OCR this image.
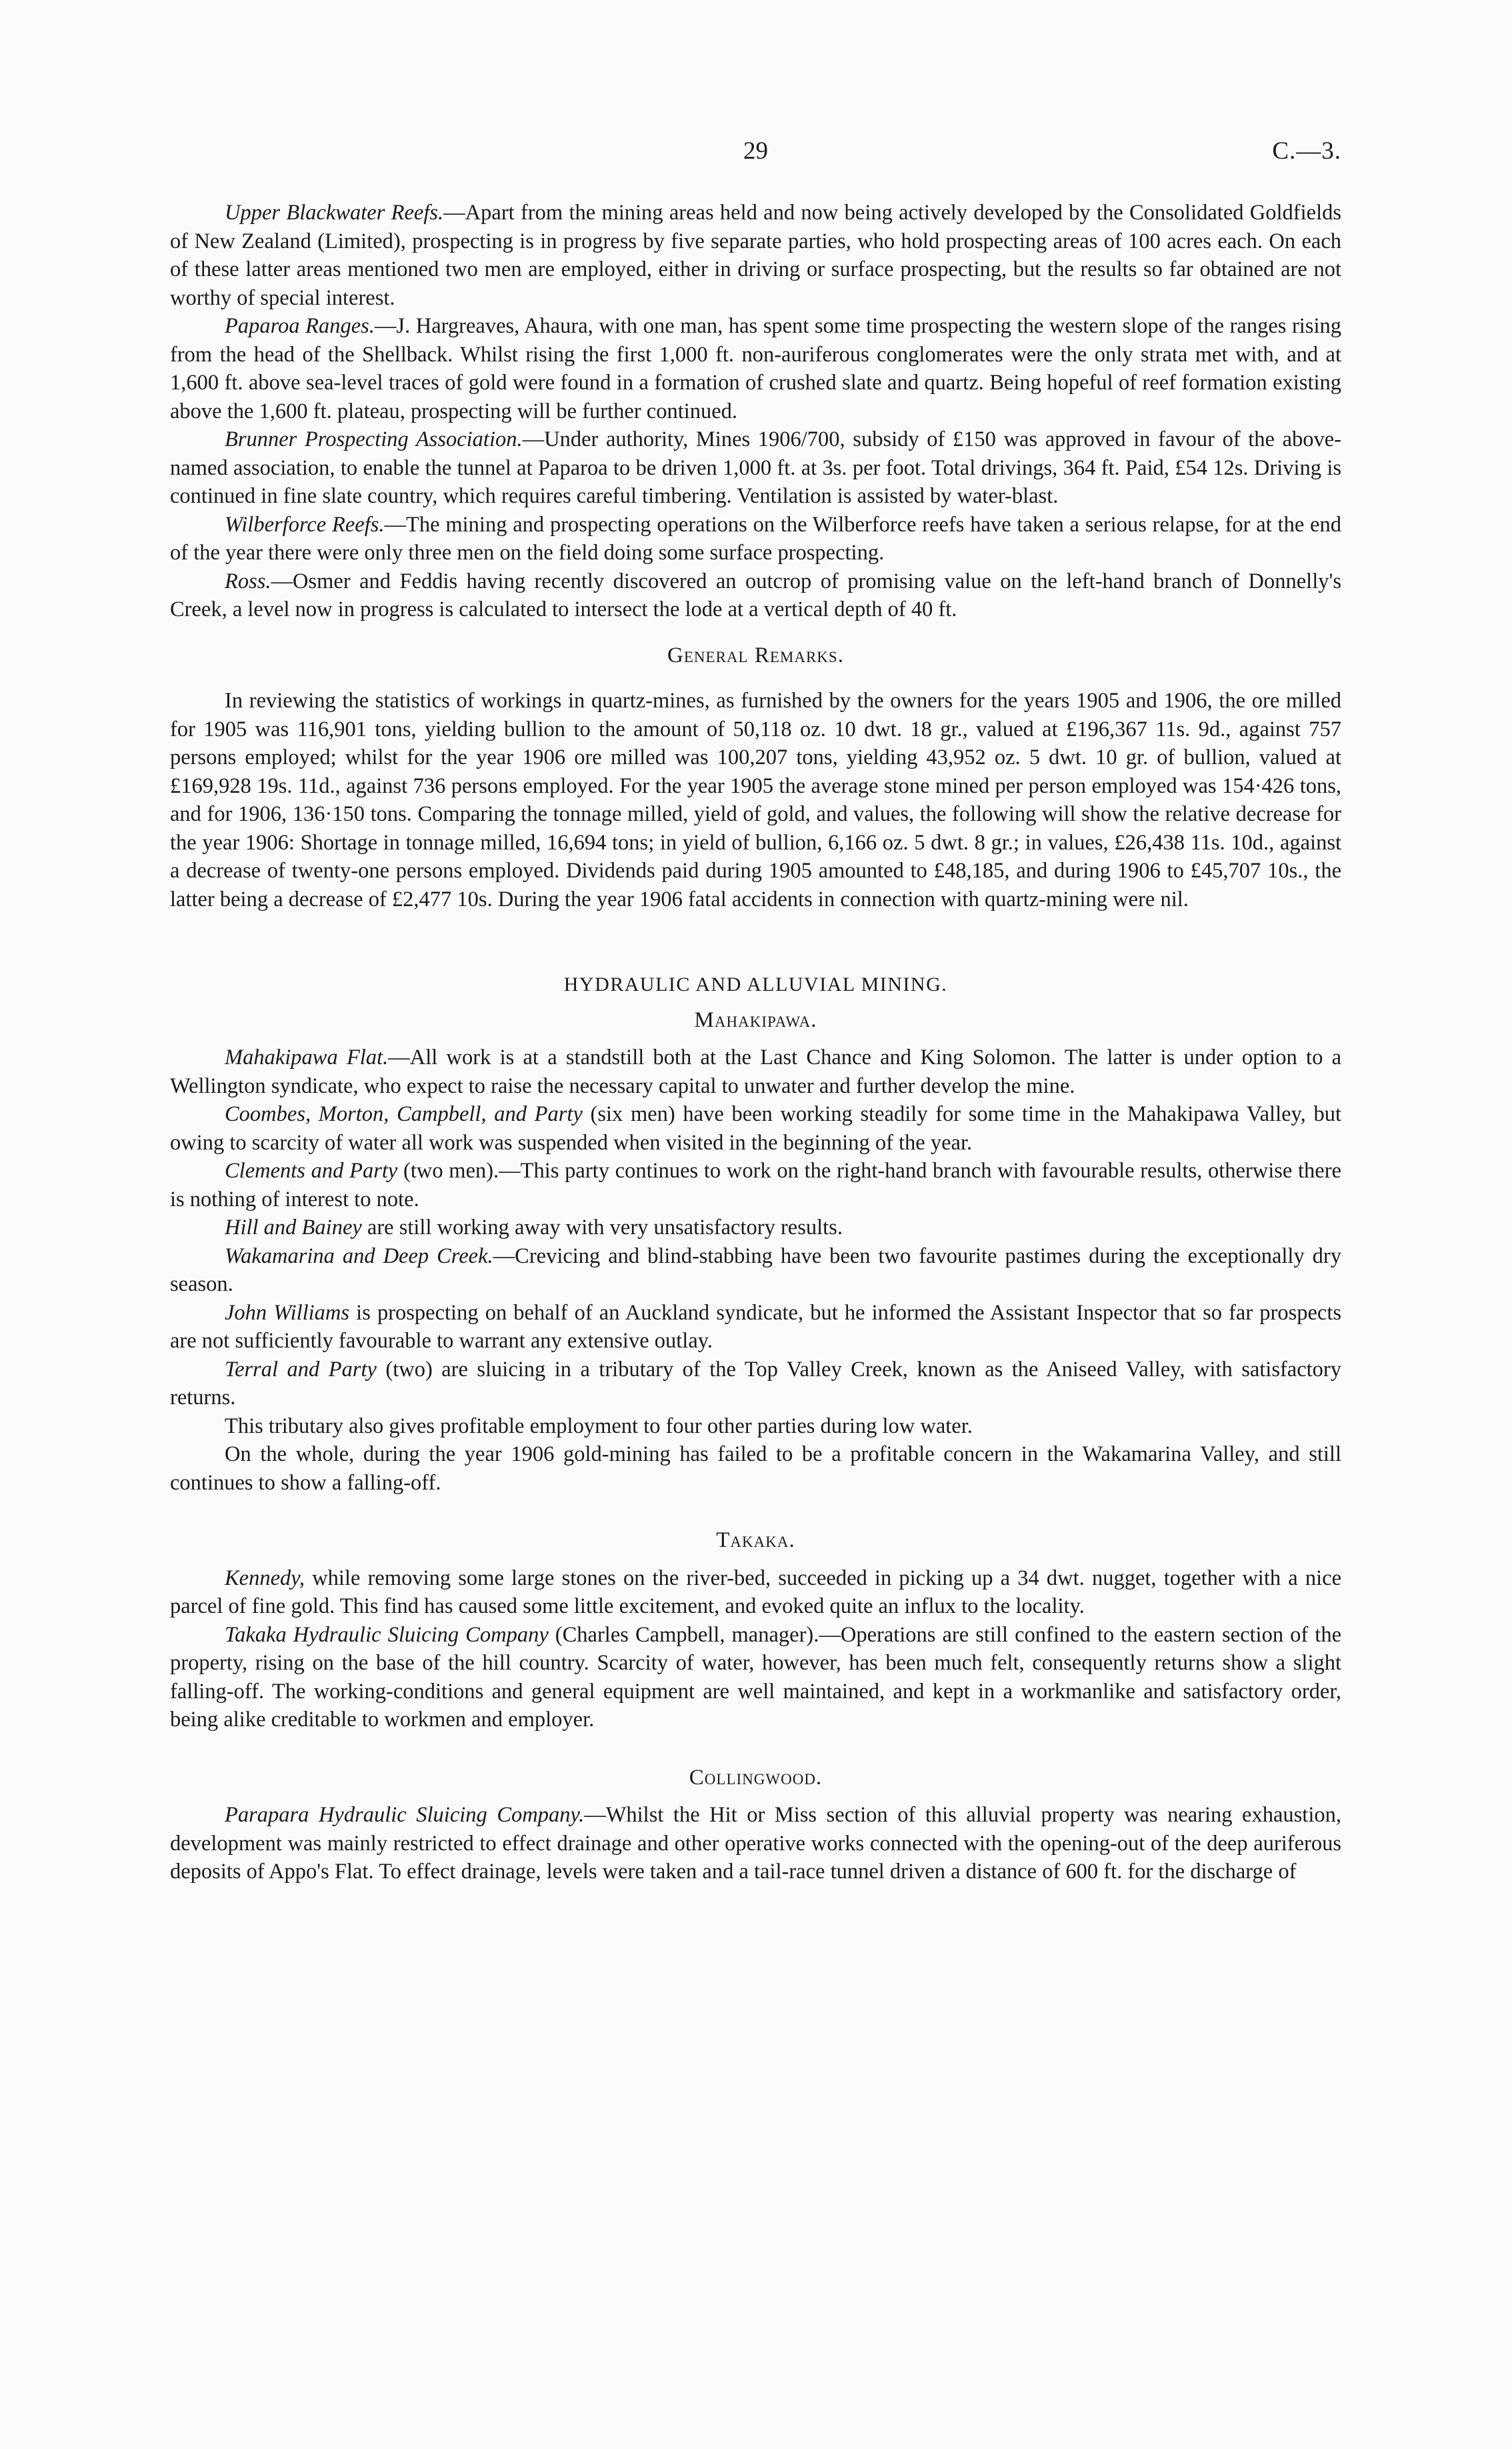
29	C.—3.

Upper Blackwater Reefs.—Apart from the mining areas held and now being actively developed by the Consolidated Goldfields of New Zealand (Limited), prospecting is in progress by five separate parties, who hold prospecting areas of 100 acres each. On each of these latter areas mentioned two men are employed, either in driving or surface prospecting, but the results so far obtained are not worthy of special interest.

Paparoa Ranges.—J. Hargreaves, Ahaura, with one man, has spent some time prospecting the western slope of the ranges rising from the head of the Shellback. Whilst rising the first 1,000 ft. non-auriferous conglomerates were the only strata met with, and at 1,600 ft. above sea-level traces of gold were found in a formation of crushed slate and quartz. Being hopeful of reef formation existing above the 1,600 ft. plateau, prospecting will be further continued.

Brunner Prospecting Association.—Under authority, Mines 1906/700, subsidy of £150 was approved in favour of the above-named association, to enable the tunnel at Paparoa to be driven 1,000 ft. at 3s. per foot. Total drivings, 364 ft. Paid, £54 12s. Driving is continued in fine slate country, which requires careful timbering. Ventilation is assisted by water-blast.

Wilberforce Reefs.—The mining and prospecting operations on the Wilberforce reefs have taken a serious relapse, for at the end of the year there were only three men on the field doing some surface prospecting.

Ross.—Osmer and Feddis having recently discovered an outcrop of promising value on the left-hand branch of Donnelly's Creek, a level now in progress is calculated to intersect the lode at a vertical depth of 40 ft.

General Remarks.

In reviewing the statistics of workings in quartz-mines, as furnished by the owners for the years 1905 and 1906, the ore milled for 1905 was 116,901 tons, yielding bullion to the amount of 50,118 oz. 10 dwt. 18 gr., valued at £196,367 11s. 9d., against 757 persons employed; whilst for the year 1906 ore milled was 100,207 tons, yielding 43,952 oz. 5 dwt. 10 gr. of bullion, valued at £169,928 19s. 11d., against 736 persons employed. For the year 1905 the average stone mined per person employed was 154·426 tons, and for 1906, 136·150 tons. Comparing the tonnage milled, yield of gold, and values, the following will show the relative decrease for the year 1906: Shortage in tonnage milled, 16,694 tons; in yield of bullion, 6,166 oz. 5 dwt. 8 gr.; in values, £26,438 11s. 10d., against a decrease of twenty-one persons employed. Dividends paid during 1905 amounted to £48,185, and during 1906 to £45,707 10s., the latter being a decrease of £2,477 10s. During the year 1906 fatal accidents in connection with quartz-mining were nil.

HYDRAULIC AND ALLUVIAL MINING.

Mahakipawa.

Mahakipawa Flat.—All work is at a standstill both at the Last Chance and King Solomon. The latter is under option to a Wellington syndicate, who expect to raise the necessary capital to unwater and further develop the mine.

Coombes, Morton, Campbell, and Party (six men) have been working steadily for some time in the Mahakipawa Valley, but owing to scarcity of water all work was suspended when visited in the beginning of the year.

Clements and Party (two men).—This party continues to work on the right-hand branch with favourable results, otherwise there is nothing of interest to note.

Hill and Bainey are still working away with very unsatisfactory results.

Wakamarina and Deep Creek.—Crevicing and blind-stabbing have been two favourite pastimes during the exceptionally dry season.

John Williams is prospecting on behalf of an Auckland syndicate, but he informed the Assistant Inspector that so far prospects are not sufficiently favourable to warrant any extensive outlay.

Terral and Party (two) are sluicing in a tributary of the Top Valley Creek, known as the Aniseed Valley, with satisfactory returns.

This tributary also gives profitable employment to four other parties during low water.

On the whole, during the year 1906 gold-mining has failed to be a profitable concern in the Wakamarina Valley, and still continues to show a falling-off.

Takaka.

Kennedy, while removing some large stones on the river-bed, succeeded in picking up a 34 dwt. nugget, together with a nice parcel of fine gold. This find has caused some little excitement, and evoked quite an influx to the locality.

Takaka Hydraulic Sluicing Company (Charles Campbell, manager).—Operations are still confined to the eastern section of the property, rising on the base of the hill country. Scarcity of water, however, has been much felt, consequently returns show a slight falling-off. The working-conditions and general equipment are well maintained, and kept in a workmanlike and satisfactory order, being alike creditable to workmen and employer.

Collingwood.

Parapara Hydraulic Sluicing Company.—Whilst the Hit or Miss section of this alluvial property was nearing exhaustion, development was mainly restricted to effect drainage and other operative works connected with the opening-out of the deep auriferous deposits of Appo's Flat. To effect drainage, levels were taken and a tail-race tunnel driven a distance of 600 ft. for the discharge of
